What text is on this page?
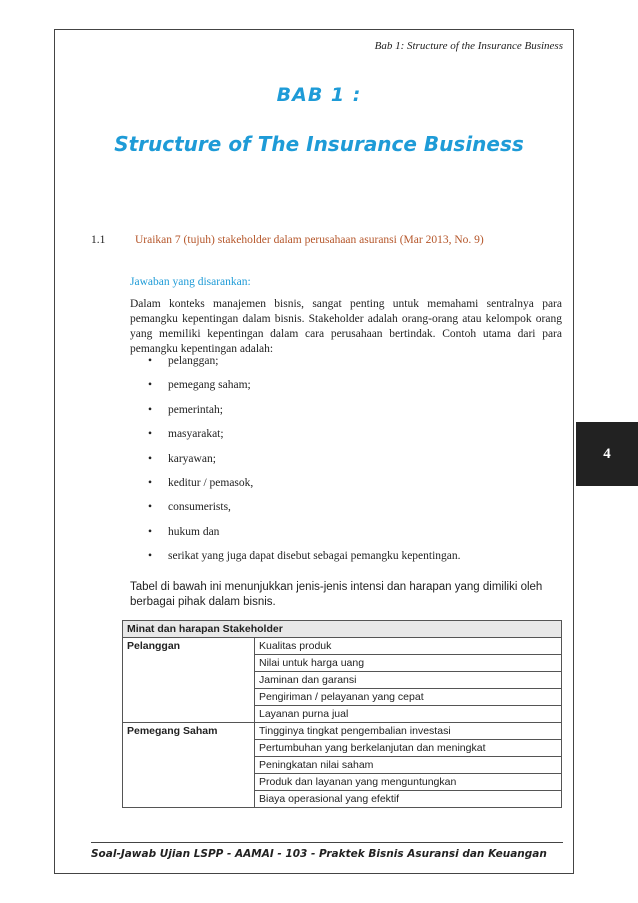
Bab 1: Structure of the Insurance Business
BAB 1 :
Structure of The Insurance Business
1.1	Uraikan 7 (tujuh) stakeholder dalam perusahaan asuransi (Mar 2013, No. 9)
Jawaban yang disarankan:
Dalam konteks manajemen bisnis, sangat penting untuk memahami sentralnya para pemangku kepentingan dalam bisnis. Stakeholder adalah orang-orang atau kelompok orang yang memiliki kepentingan dalam cara perusahaan bertindak. Contoh utama dari para pemangku kepentingan adalah:
• pelanggan;
• pemegang saham;
• pemerintah;
• masyarakat;
• karyawan;
• keditur / pemasok,
• consumerists,
• hukum dan
• serikat yang juga dapat disebut sebagai pemangku kepentingan.
4
Tabel di bawah ini menunjukkan jenis-jenis intensi dan harapan yang dimiliki oleh berbagai pihak dalam bisnis.
Minat dan harapan Stakeholder	
Pelanggan	Kualitas produk
	Nilai untuk harga uang
	Jaminan dan garansi
	Pengiriman / pelayanan yang cepat
	Layanan purna jual
Pemegang Saham	Tingginya tingkat pengembalian investasi
	Pertumbuhan yang berkelanjutan dan meningkat
	Peningkatan nilai saham
	Produk dan layanan yang menguntungkan
	Biaya operasional yang efektif
Soal-Jawab Ujian LSPP - AAMAI - 103 - Praktek Bisnis Asuransi dan Keuangan
